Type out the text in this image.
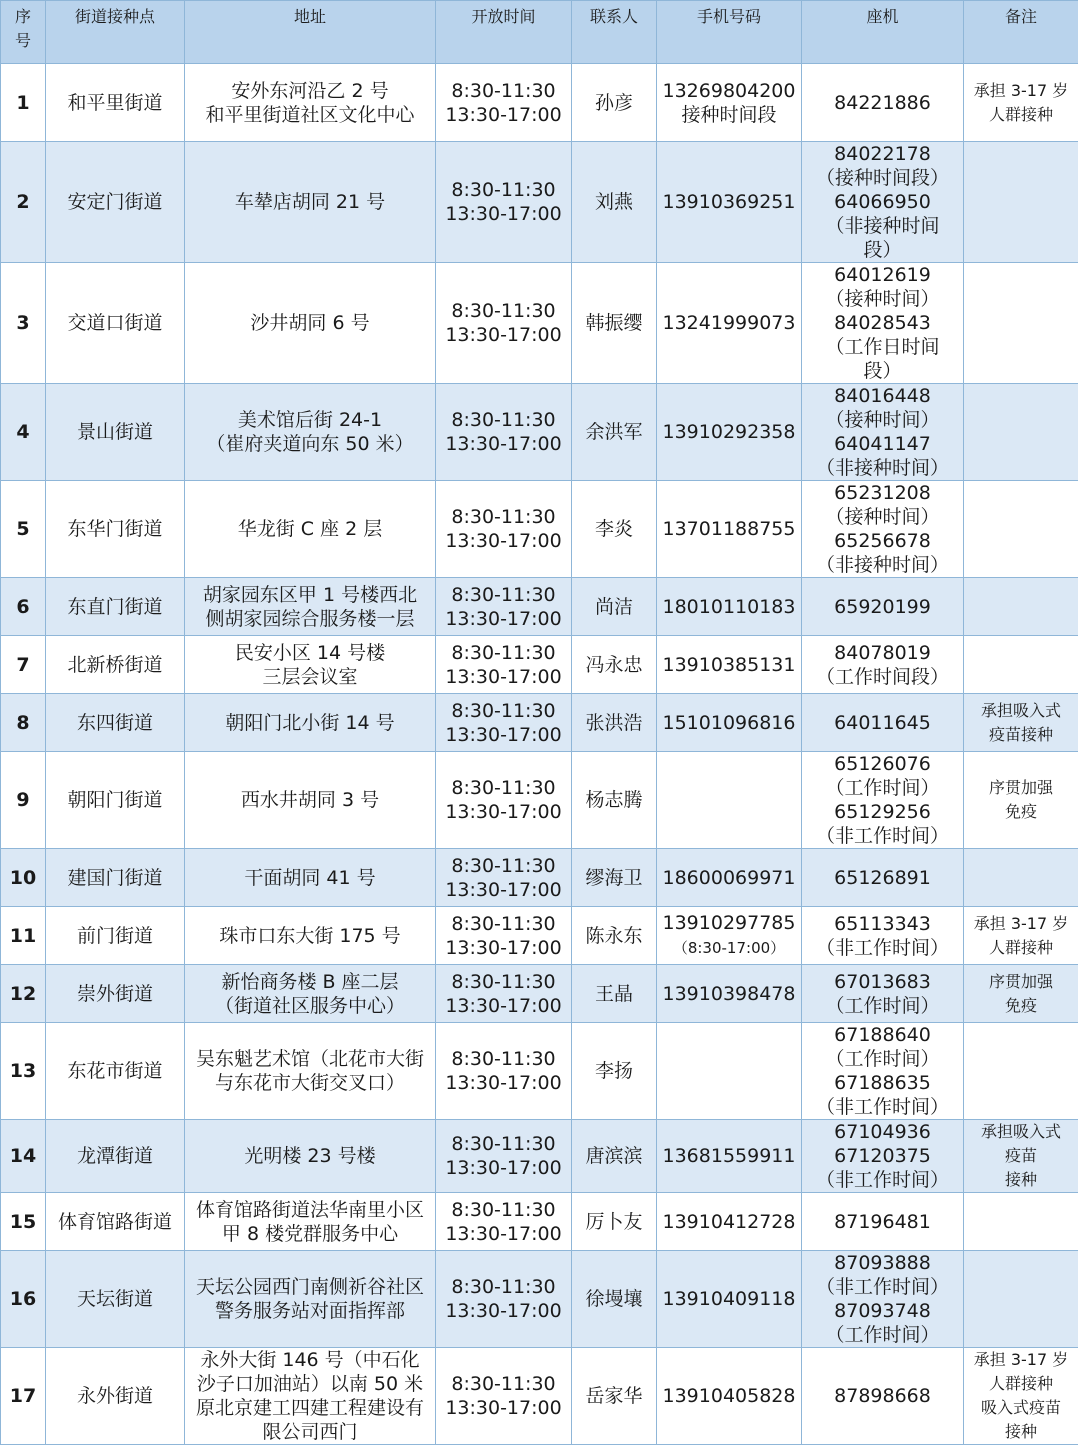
序
号	街道接种点	地址	开放时间	联系人	手机号码	座机	备注
1	和平里街道	安外东河沿乙 2 号
和平里街道社区文化中心	8:30-11:30
13:30-17:00	孙彦	13269804200
接种时间段	84221886	承担 3-17 岁
人群接种
2	安定门街道	车辇店胡同 21 号	8:30-11:30
13:30-17:00	刘燕	13910369251	84022178
（接种时间段）
64066950
（非接种时间
段）	
3	交道口街道	沙井胡同 6 号	8:30-11:30
13:30-17:00	韩振缨	13241999073	64012619
（接种时间）
84028543
（工作日时间
段）	
4	景山街道	美术馆后街 24-1
（崔府夹道向东 50 米）	8:30-11:30
13:30-17:00	余洪军	13910292358	84016448
（接种时间）
64041147
（非接种时间）	
5	东华门街道	华龙街 C 座 2 层	8:30-11:30
13:30-17:00	李炎	13701188755	65231208
（接种时间）
65256678
（非接种时间）	
6	东直门街道	胡家园东区甲 1 号楼西北
侧胡家园综合服务楼一层	8:30-11:30
13:30-17:00	尚洁	18010110183	65920199	
7	北新桥街道	民安小区 14 号楼
三层会议室	8:30-11:30
13:30-17:00	冯永忠	13910385131	84078019
（工作时间段）	
8	东四街道	朝阳门北小街 14 号	8:30-11:30
13:30-17:00	张洪浩	15101096816	64011645	承担吸入式
疫苗接种
9	朝阳门街道	西水井胡同 3 号	8:30-11:30
13:30-17:00	杨志腾		65126076
（工作时间）
65129256
（非工作时间）	序贯加强
免疫
10	建国门街道	干面胡同 41 号	8:30-11:30
13:30-17:00	缪海卫	18600069971	65126891	
11	前门街道	珠市口东大街 175 号	8:30-11:30
13:30-17:00	陈永东	13910297785
（8:30-17:00）	65113343
（非工作时间）	承担 3-17 岁
人群接种
12	崇外街道	新怡商务楼 B 座二层
（街道社区服务中心）	8:30-11:30
13:30-17:00	王晶	13910398478	67013683
（工作时间）	序贯加强
免疫
13	东花市街道	吴东魁艺术馆（北花市大街
与东花市大街交叉口）	8:30-11:30
13:30-17:00	李扬		67188640
（工作时间）
67188635
（非工作时间）	
14	龙潭街道	光明楼 23 号楼	8:30-11:30
13:30-17:00	唐滨滨	13681559911	67104936
67120375
（非工作时间）	承担吸入式
疫苗
接种
15	体育馆路街道	体育馆路街道法华南里小区
甲 8 楼党群服务中心	8:30-11:30
13:30-17:00	厉卜友	13910412728	87196481	
16	天坛街道	天坛公园西门南侧祈谷社区
警务服务站对面指挥部	8:30-11:30
13:30-17:00	徐墁壤	13910409118	87093888
（非工作时间）
87093748
（工作时间）	
17	永外街道	永外大街 146 号（中石化
沙子口加油站）以南 50 米
原北京建工四建工程建设有
限公司西门	8:30-11:30
13:30-17:00	岳家华	13910405828	87898668	承担 3-17 岁
人群接种
吸入式疫苗
接种
